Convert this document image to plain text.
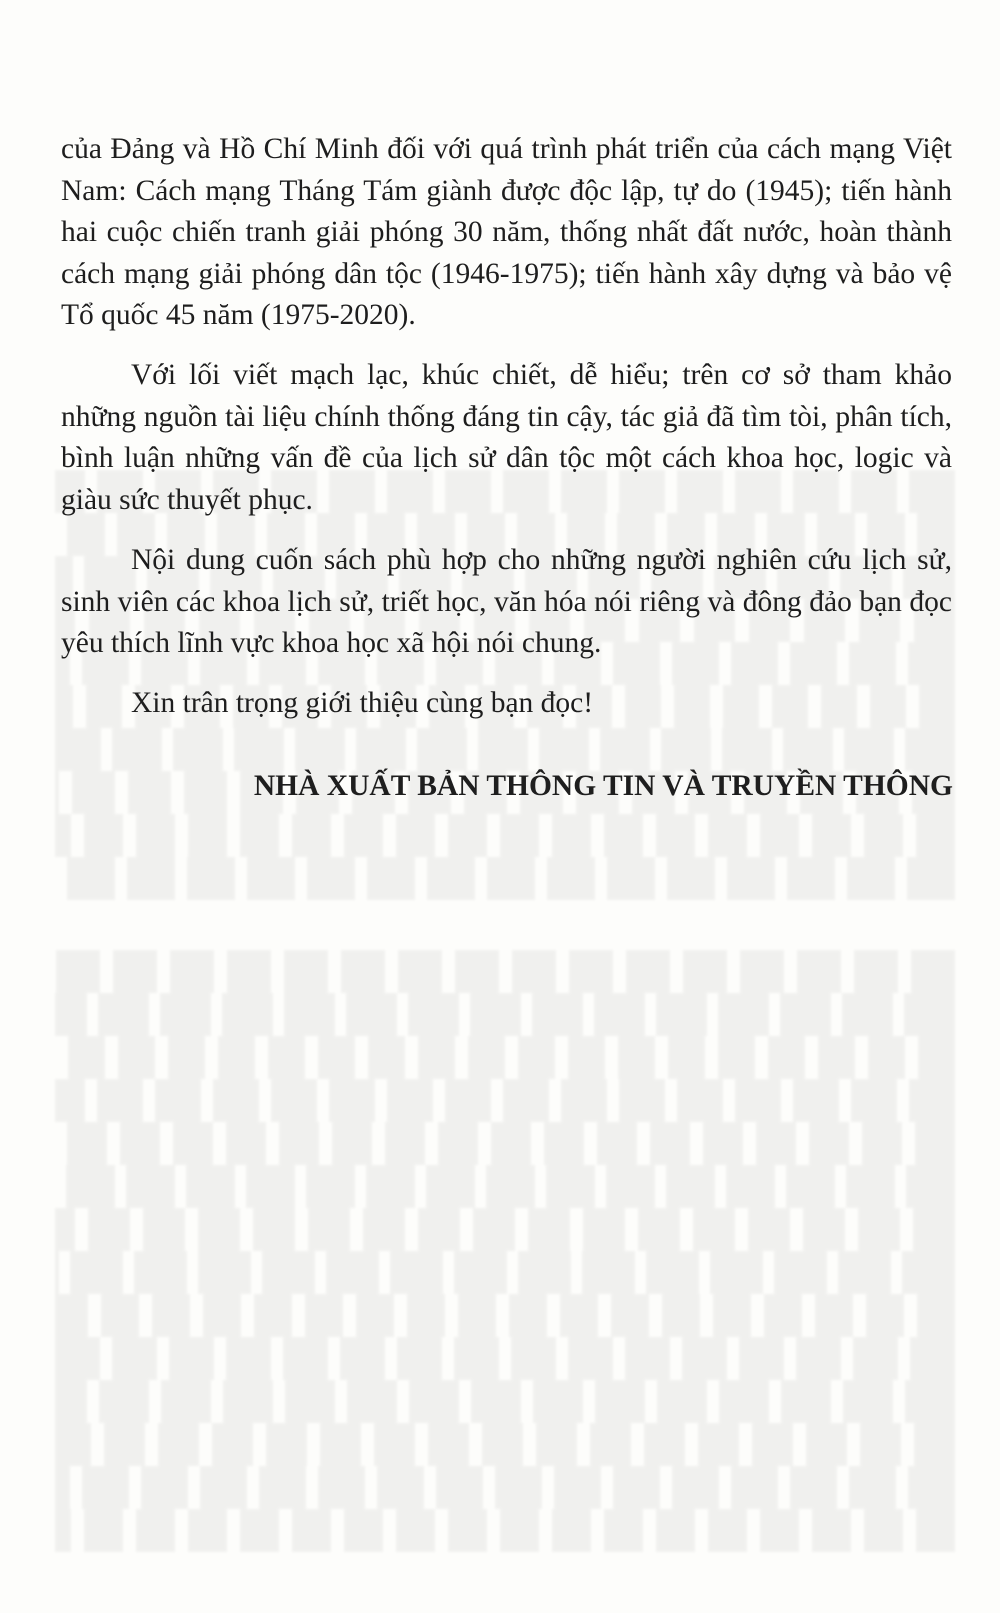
của Đảng và Hồ Chí Minh đối với quá trình phát triển của cách mạng Việt Nam: Cách mạng Tháng Tám giành được độc lập, tự do (1945); tiến hành hai cuộc chiến tranh giải phóng 30 năm, thống nhất đất nước, hoàn thành cách mạng giải phóng dân tộc (1946-1975); tiến hành xây dựng và bảo vệ Tổ quốc 45 năm (1975-2020).

Với lối viết mạch lạc, khúc chiết, dễ hiểu; trên cơ sở tham khảo những nguồn tài liệu chính thống đáng tin cậy, tác giả đã tìm tòi, phân tích, bình luận những vấn đề của lịch sử dân tộc một cách khoa học, logic và giàu sức thuyết phục.

Nội dung cuốn sách phù hợp cho những người nghiên cứu lịch sử, sinh viên các khoa lịch sử, triết học, văn hóa nói riêng và đông đảo bạn đọc yêu thích lĩnh vực khoa học xã hội nói chung.

Xin trân trọng giới thiệu cùng bạn đọc!

NHÀ XUẤT BẢN THÔNG TIN VÀ TRUYỀN THÔNG
